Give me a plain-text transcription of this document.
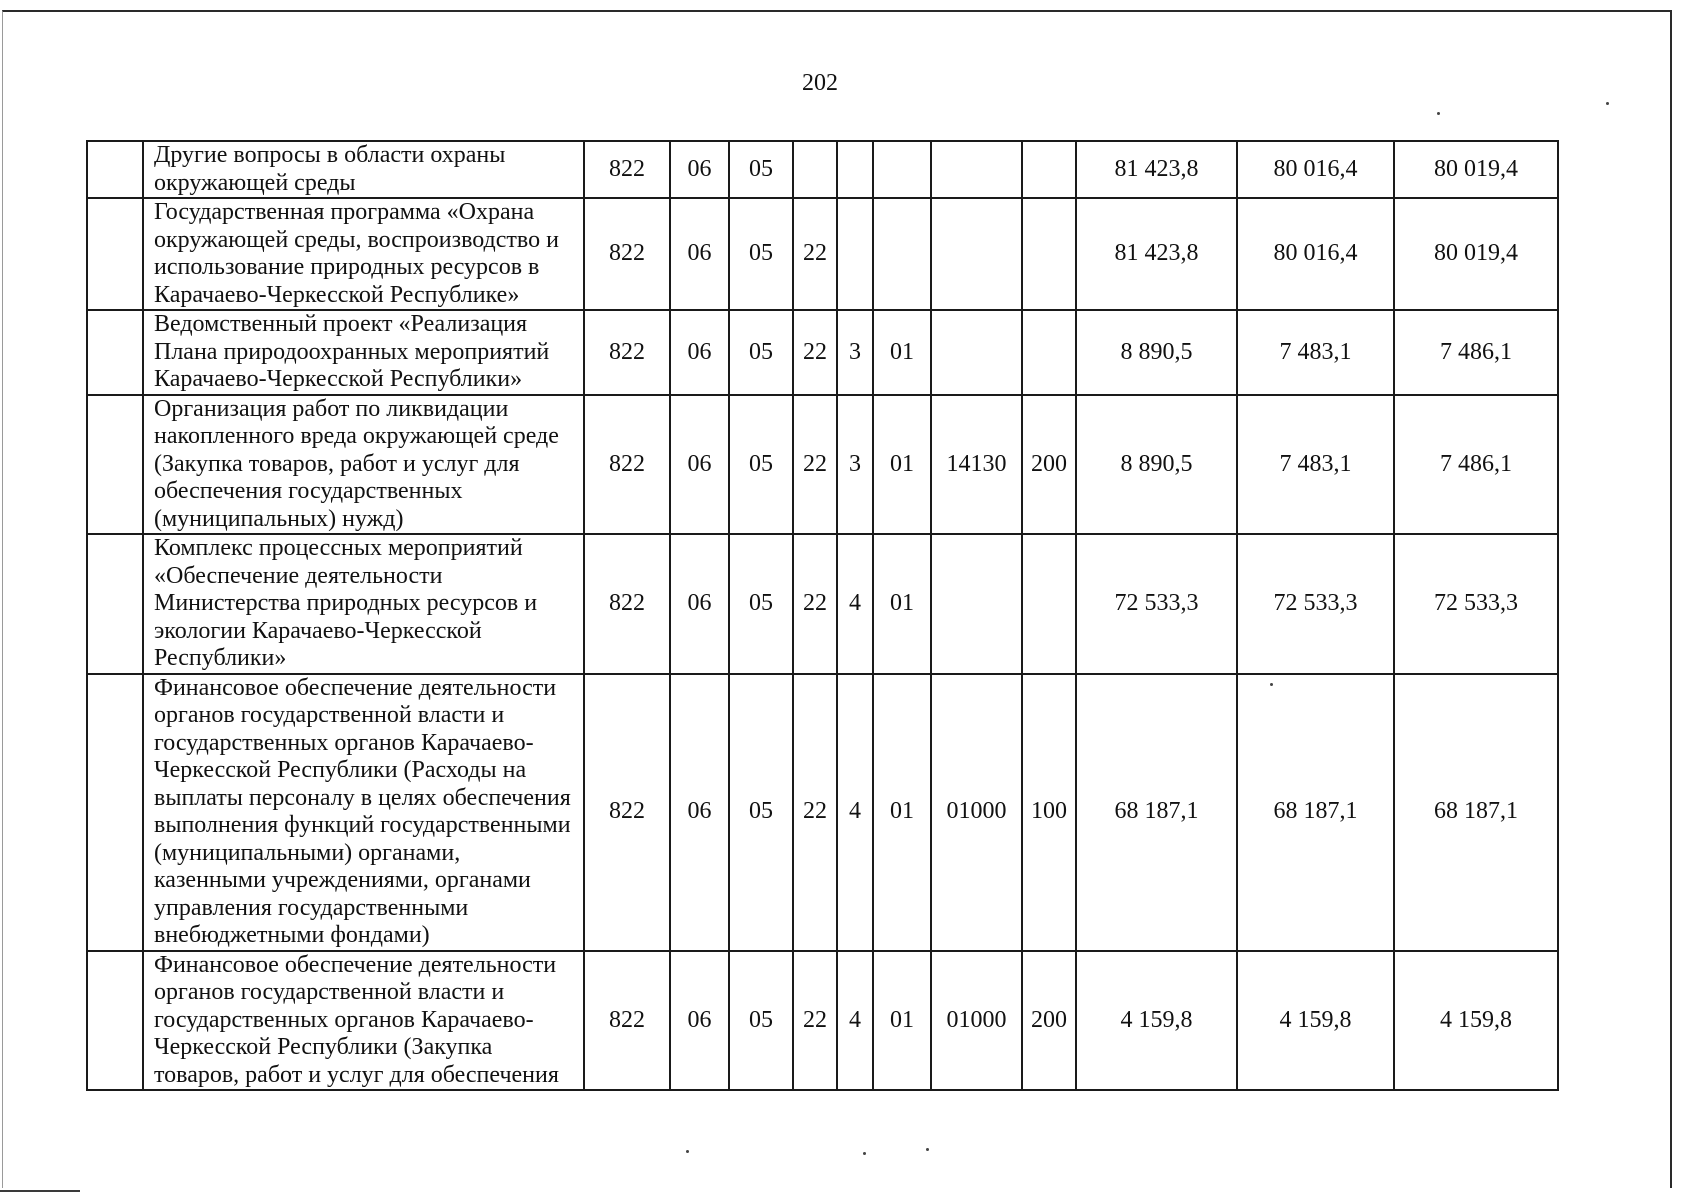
202
	Другие вопросы в области охраны окружающей среды	822	06	05						81 423,8	80 016,4	80 019,4
	Государственная программа «Охрана окружающей среды, воспроизводство и использование природных ресурсов в Карачаево-Черкесской Республике»	822	06	05	22					81 423,8	80 016,4	80 019,4
	Ведомственный проект «Реализация Плана природоохранных мероприятий Карачаево-Черкесской Республики»	822	06	05	22	3	01			8 890,5	7 483,1	7 486,1
	Организация работ по ликвидации накопленного вреда окружающей среде (Закупка товаров, работ и услуг для обеспечения государственных (муниципальных) нужд)	822	06	05	22	3	01	14130	200	8 890,5	7 483,1	7 486,1
	Комплекс процессных мероприятий «Обеспечение деятельности Министерства природных ресурсов и экологии Карачаево-Черкесской Республики»	822	06	05	22	4	01			72 533,3	72 533,3	72 533,3
	Финансовое обеспечение деятельности органов государственной власти и государственных органов Карачаево-Черкесской Республики (Расходы на выплаты персоналу в целях обеспечения выполнения функций государственными (муниципальными) органами, казенными учреждениями, органами управления государственными внебюджетными фондами)	822	06	05	22	4	01	01000	100	68 187,1	68 187,1	68 187,1
	Финансовое обеспечение деятельности органов государственной власти и государственных органов Карачаево-Черкесской Республики (Закупка товаров, работ и услуг для обеспечения	822	06	05	22	4	01	01000	200	4 159,8	4 159,8	4 159,8
